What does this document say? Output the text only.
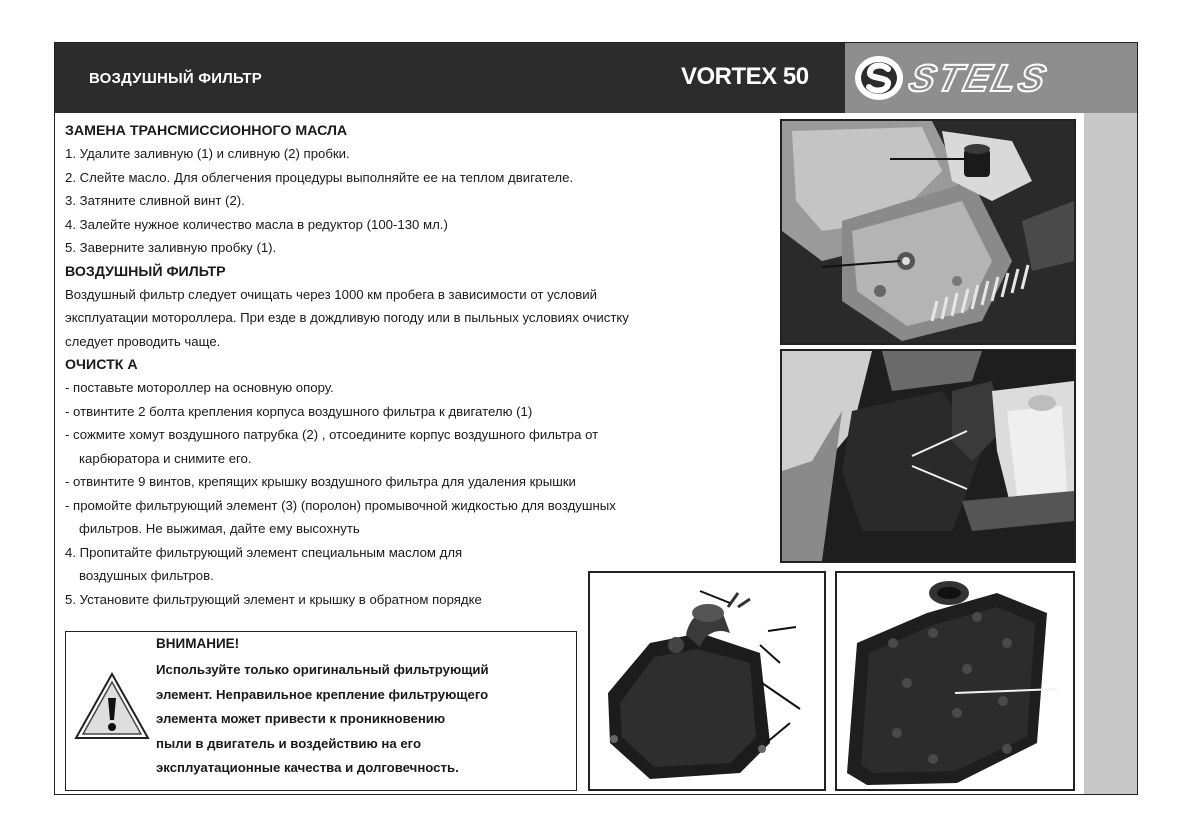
ВОЗДУШНЫЙ ФИЛЬТР	VORTEX 50	STELS
ЗАМЕНА ТРАНСМИССИОННОГО МАСЛА

1. Удалите заливную (1) и сливную (2) пробки.

2. Слейте масло. Для облегчения процедуры выполняйте ее на теплом двигателе.

3. Затяните сливной винт (2).

4. Залейте нужное количество масла в редуктор (100-130 мл.)

5. Заверните заливную пробку (1).

ВОЗДУШНЫЙ ФИЛЬТР

Воздушный фильтр следует очищать через 1000 км пробега в зависимости от условий

эксплуатации мотороллера. При езде в дождливую погоду или в пыльных условиях очистку

следует проводить чаще.

ОЧИСТК А

- поставьте мотороллер на основную опору.

- отвинтите 2 болта крепления корпуса воздушного фильтра к двигателю (1)

- сожмите хомут воздушного патрубка (2) , отсоедините корпус воздушного фильтра от

карбюратора и снимите его.

- отвинтите 9 винтов, крепящих крышку воздушного фильтра для удаления крышки

- промойте фильтрующий элемент (3) (поролон) промывочной жидкостью для воздушных

фильтров. Не выжимая, дайте ему высохнуть

4. Пропитайте фильтрующий элемент специальным маслом для

воздушных фильтров.

5. Установите фильтрующий элемент и крышку в обратном порядке

ВНИМАНИЕ!
Используйте только оригинальный фильтрующий
элемент. Неправильное крепление фильтрующего
элемента может привести к проникновению
пыли в двигатель и воздействию на его
эксплуатационные качества и долговечность.
